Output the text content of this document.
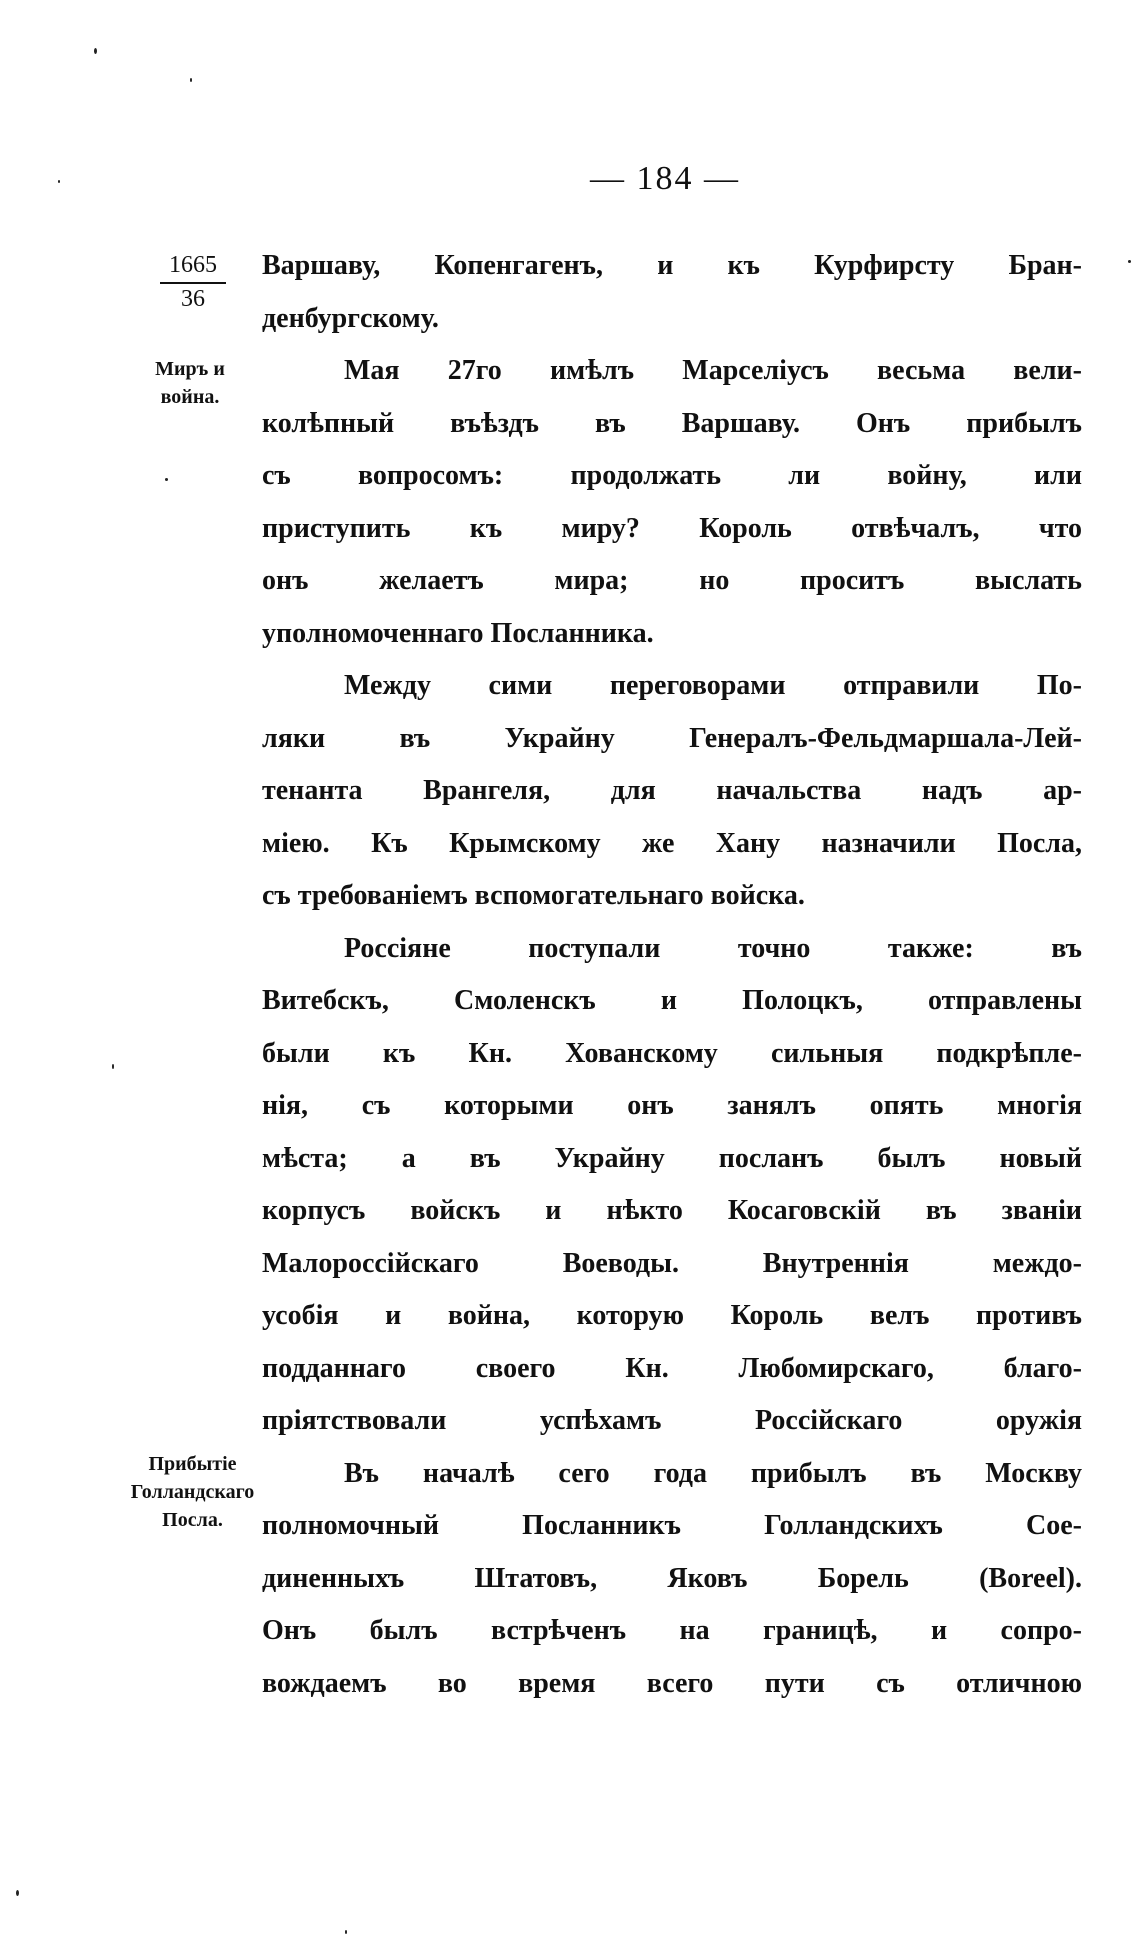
— 184 —
1665
36
Миръ и война.
Прибытіе Голландскаго Посла.

Варшаву, Копенгагенъ, и къ Курфирсту Бран-

денбургскому.

Мая 27го имѣлъ Марселіусъ весьма вели-

колѣпный въѣздъ въ Варшаву. Онъ прибылъ

съ вопросомъ: продолжать ли войну, или

приступить къ миру? Король отвѣчалъ, что

онъ желаетъ мира; но проситъ выслать

уполномоченнаго Посланника.

Между сими переговорами отправили По-

ляки въ Украйну Генералъ-Фельдмаршала-Лей-

тенанта Врангеля, для начальства надъ ар-

міею. Къ Крымскому же Хану назначили Посла,

съ требованіемъ вспомогательнаго войска.

Россіяне поступали точно также: въ

Витебскъ, Смоленскъ и Полоцкъ, отправлены

были къ Кн. Хованскому сильныя подкрѣпле-

нія, съ которыми онъ занялъ опять многія

мѣста; а въ Украйну посланъ былъ новый

корпусъ войскъ и нѣкто Косаговскій въ званіи

Малороссійскаго Воеводы. Внутреннія междо-

усобія и война, которую Король велъ противъ

подданнаго своего Кн. Любомирскаго, благо-

пріятствовали успѣхамъ Россійскаго оружія

Въ началѣ сего года прибылъ въ Москву

полномочный Посланникъ Голландскихъ Соe-

диненныхъ Штатовъ, Яковъ Борель (Boreel).

Онъ былъ встрѣченъ на границѣ, и сопро-

вождаемъ во время всего пути съ отличною
